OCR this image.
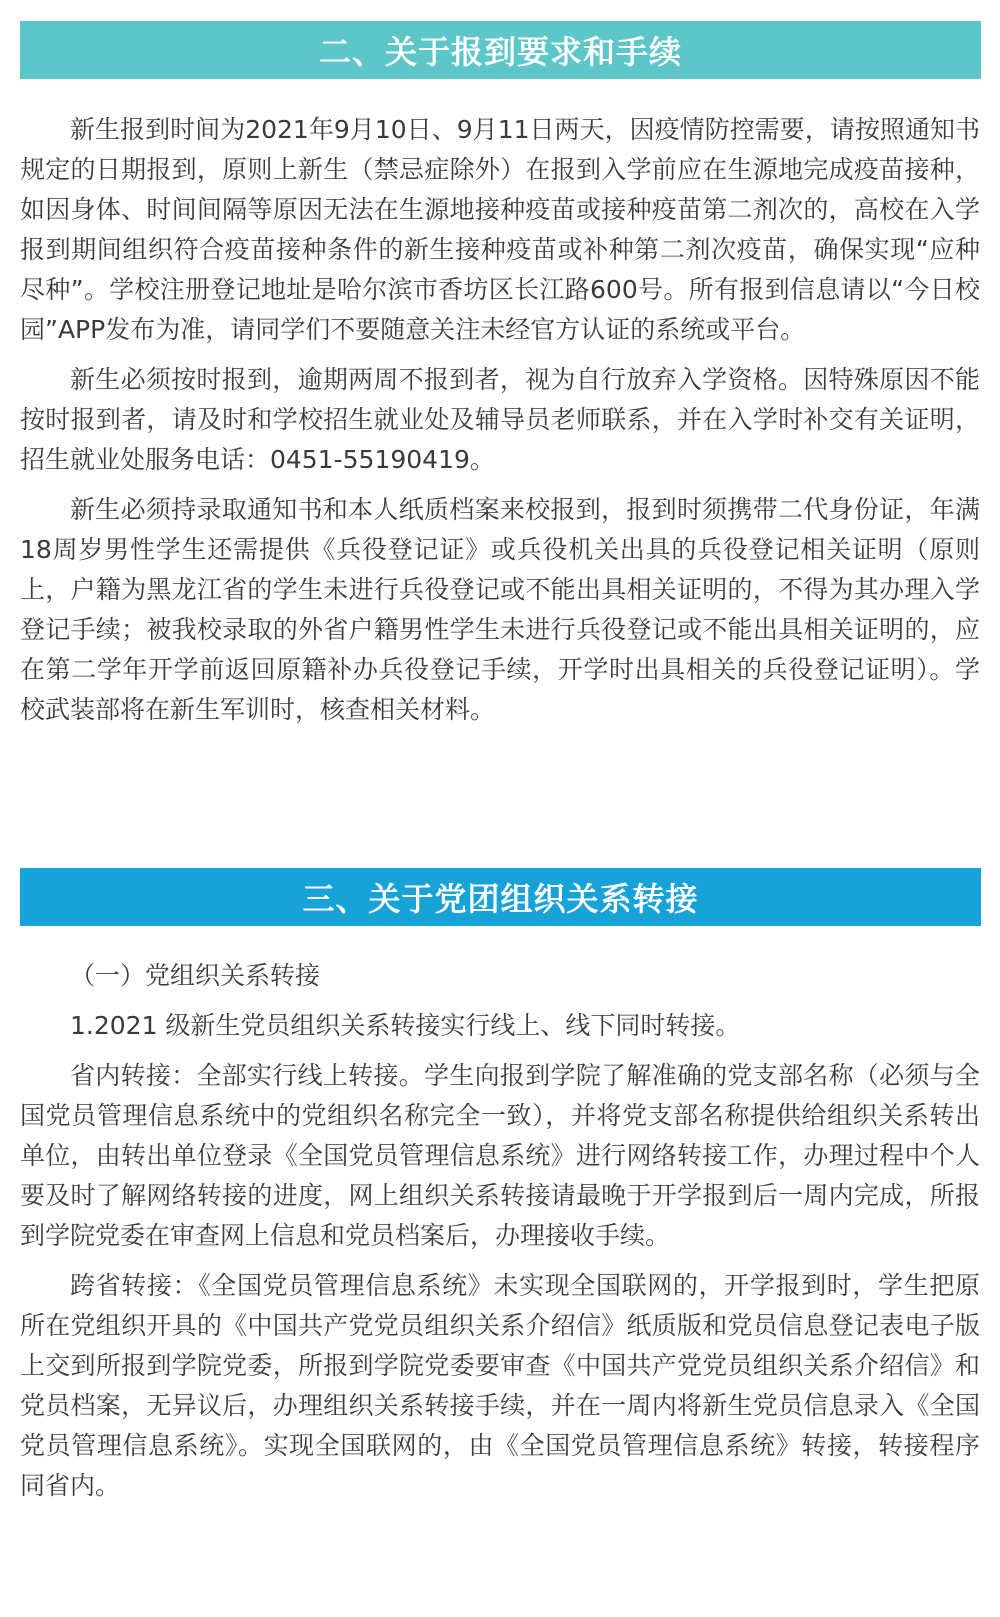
二、关于报到要求和手续

新生报到时间为2021年9月10日、9月11日两天，因疫情防控需要，请按照通知书规定的日期报到，原则上新生（禁忌症除外）在报到入学前应在生源地完成疫苗接种，如因身体、时间间隔等原因无法在生源地接种疫苗或接种疫苗第二剂次的，高校在入学报到期间组织符合疫苗接种条件的新生接种疫苗或补种第二剂次疫苗，确保实现“应种尽种”。学校注册登记地址是哈尔滨市香坊区长江路600号。所有报到信息请以“今日校园”APP发布为准，请同学们不要随意关注未经官方认证的系统或平台。

新生必须按时报到，逾期两周不报到者，视为自行放弃入学资格。因特殊原因不能按时报到者，请及时和学校招生就业处及辅导员老师联系，并在入学时补交有关证明，招生就业处服务电话：0451-55190419。

新生必须持录取通知书和本人纸质档案来校报到，报到时须携带二代身份证，年满18周岁男性学生还需提供《兵役登记证》或兵役机关出具的兵役登记相关证明（原则上，户籍为黑龙江省的学生未进行兵役登记或不能出具相关证明的，不得为其办理入学登记手续；被我校录取的外省户籍男性学生未进行兵役登记或不能出具相关证明的，应在第二学年开学前返回原籍补办兵役登记手续，开学时出具相关的兵役登记证明）。学校武装部将在新生军训时，核查相关材料。

三、关于党团组织关系转接

（一）党组织关系转接

1.2021 级新生党员组织关系转接实行线上、线下同时转接。

省内转接：全部实行线上转接。学生向报到学院了解准确的党支部名称（必须与全国党员管理信息系统中的党组织名称完全一致），并将党支部名称提供给组织关系转出单位，由转出单位登录《全国党员管理信息系统》进行网络转接工作，办理过程中个人要及时了解网络转接的进度，网上组织关系转接请最晚于开学报到后一周内完成，所报到学院党委在审查网上信息和党员档案后，办理接收手续。

跨省转接：《全国党员管理信息系统》未实现全国联网的，开学报到时，学生把原所在党组织开具的《中国共产党党员组织关系介绍信》纸质版和党员信息登记表电子版上交到所报到学院党委，所报到学院党委要审查《中国共产党党员组织关系介绍信》和党员档案，无异议后，办理组织关系转接手续，并在一周内将新生党员信息录入《全国党员管理信息系统》。实现全国联网的，由《全国党员管理信息系统》转接，转接程序同省内。
